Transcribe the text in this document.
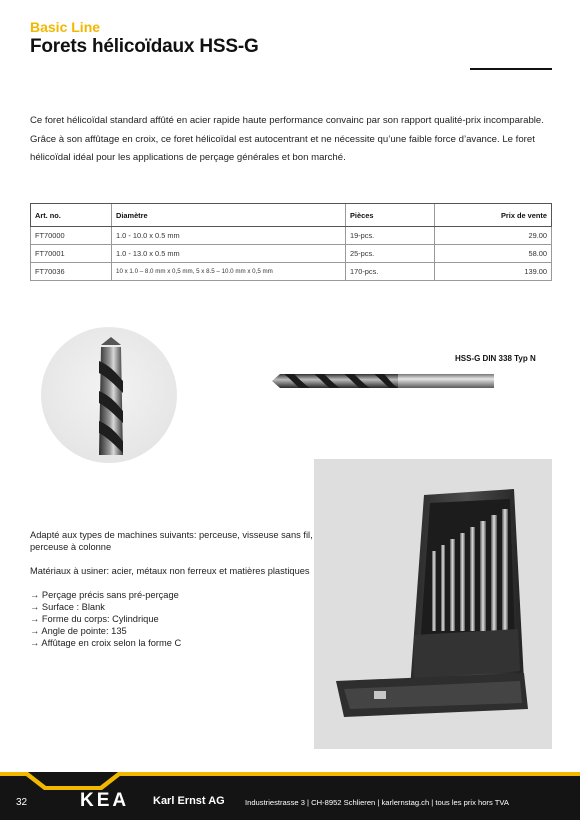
Basic Line
Forets hélicoïdaux HSS-G
Ce foret hélicoïdal standard affûté en acier rapide haute performance convainc par son rapport qualité-prix incomparable. Grâce à son affûtage en croix, ce foret hélicoïdal est autocentrant et ne nécessite qu’une faible force d’avance. Le foret hélicoïdal idéal pour les applications de perçage générales et bon marché.
Art. no.	Diamètre	Pièces	Prix de vente
FT70000	1.0 - 10.0 x 0.5 mm	19-pcs.	29.00
FT70001	1.0 - 13.0 x 0.5 mm	25-pcs.	58.00
FT70036	10 x 1.0 – 8.0 mm x 0,5 mm, 5 x 8.5 – 10.0 mm x 0,5 mm	170-pcs.	139.00
HSS-G DIN 338 Typ N

Adapté aux types de machines suivants: perceuse, visseuse sans fil, perceuse à colonne

Matériaux à usiner: acier, métaux non ferreux et matières plastiques

→ Perçage précis sans pré-perçage
→ Surface : Blank
→ Forme du corps: Cylindrique
→ Angle de pointe: 135
→ Affûtage en croix selon la forme C
32	KEA Karl Ernst AG	Industriestrasse 3 | CH-8952 Schlieren | karlernstag.ch | tous les prix hors TVA
